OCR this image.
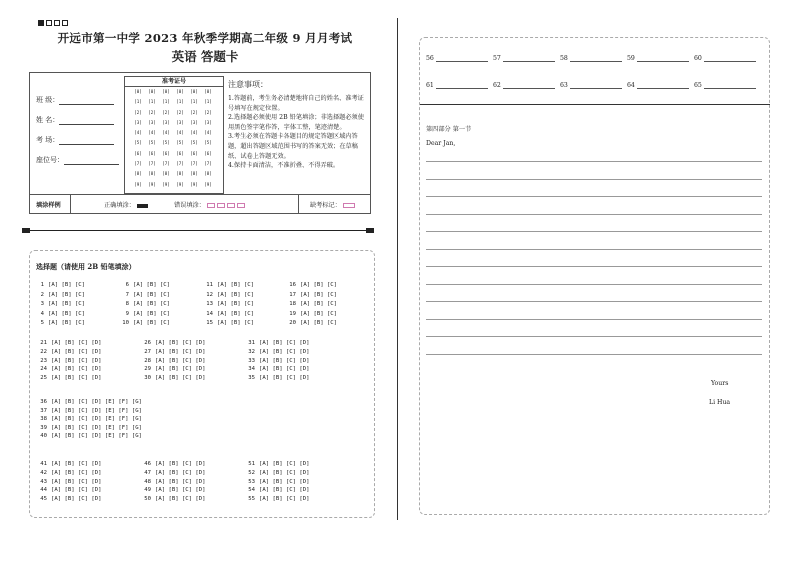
开远市第一中学 2023 年秋季学期高二年级 9 月月考试
英语 答题卡
班 级：
姓 名：
考 场：
座位号：
准考证号
[0]	[0]	[0]	[0]	[0]	[0]
[1]	[1]	[1]	[1]	[1]	[1]
[2]	[2]	[2]	[2]	[2]	[2]
[3]	[3]	[3]	[3]	[3]	[3]
[4]	[4]	[4]	[4]	[4]	[4]
[5]	[5]	[5]	[5]	[5]	[5]
[6]	[6]	[6]	[6]	[6]	[6]
[7]	[7]	[7]	[7]	[7]	[7]
[8]	[8]	[8]	[8]	[8]	[8]
[9]	[9]	[9]	[9]	[9]	[9]
注意事项：
1.答题前，考生务必清楚地将自己的姓名、准考证号填写在规定位置。
2.选择题必须使用 2B 铅笔填涂；非选择题必须使用黑色签字笔作答，字体工整，笔迹清楚。
3.考生必须在答题卡各题目的规定答题区域内答题，超出答题区域范围书写的答案无效；在草稿纸、试卷上答题无效。
4.保持卡面清洁，不准折叠、不得弄破。
填涂样例	正确填涂：	错误填涂：	缺考标记：
选择题（请使用 2B 铅笔填涂）
1 [A] [B] [C]
2 [A] [B] [C]
3 [A] [B] [C]
4 [A] [B] [C]
5 [A] [B] [C]
6 [A] [B] [C]
7 [A] [B] [C]
8 [A] [B] [C]
9 [A] [B] [C]
10 [A] [B] [C]
11 [A] [B] [C]
12 [A] [B] [C]
13 [A] [B] [C]
14 [A] [B] [C]
15 [A] [B] [C]
16 [A] [B] [C]
17 [A] [B] [C]
18 [A] [B] [C]
19 [A] [B] [C]
20 [A] [B] [C]
21 [A] [B] [C] [D]
22 [A] [B] [C] [D]
23 [A] [B] [C] [D]
24 [A] [B] [C] [D]
25 [A] [B] [C] [D]
26 [A] [B] [C] [D]
27 [A] [B] [C] [D]
28 [A] [B] [C] [D]
29 [A] [B] [C] [D]
30 [A] [B] [C] [D]
31 [A] [B] [C] [D]
32 [A] [B] [C] [D]
33 [A] [B] [C] [D]
34 [A] [B] [C] [D]
35 [A] [B] [C] [D]
36 [A] [B] [C] [D] [E] [F] [G]
37 [A] [B] [C] [D] [E] [F] [G]
38 [A] [B] [C] [D] [E] [F] [G]
39 [A] [B] [C] [D] [E] [F] [G]
40 [A] [B] [C] [D] [E] [F] [G]
41 [A] [B] [C] [D]
42 [A] [B] [C] [D]
43 [A] [B] [C] [D]
44 [A] [B] [C] [D]
45 [A] [B] [C] [D]
46 [A] [B] [C] [D]
47 [A] [B] [C] [D]
48 [A] [B] [C] [D]
49 [A] [B] [C] [D]
50 [A] [B] [C] [D]
51 [A] [B] [C] [D]
52 [A] [B] [C] [D]
53 [A] [B] [C] [D]
54 [A] [B] [C] [D]
55 [A] [B] [C] [D]
56	57	58	59	60
61	62	63	64	65
第四部分 第一节
Dear Jan,
Yours
Li Hua
